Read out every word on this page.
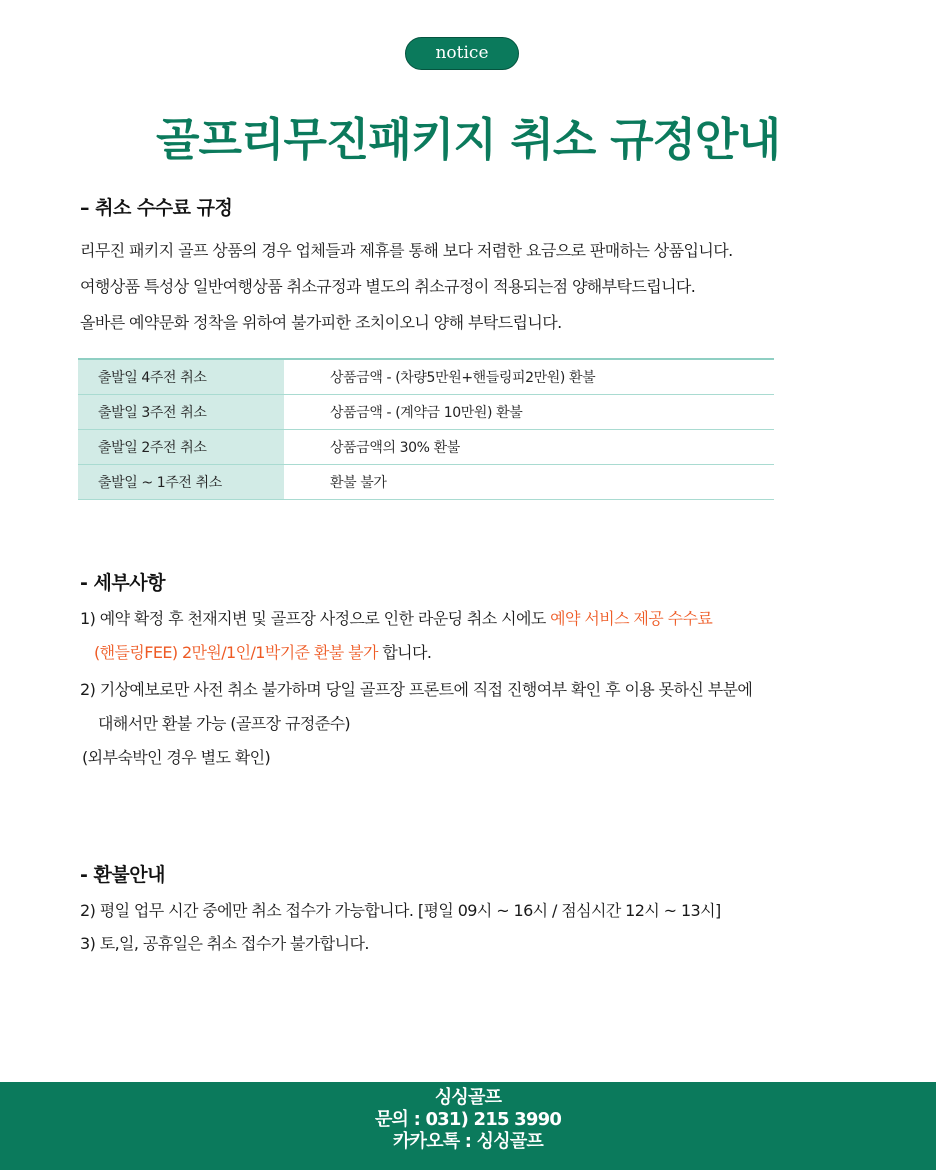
notice
골프리무진패키지 취소 규정안내
– 취소 수수료 규정
리무진 패키지 골프 상품의 경우 업체들과 제휴를 통해 보다 저렴한 요금으로 판매하는 상품입니다.
여행상품 특성상 일반여행상품 취소규정과 별도의 취소규정이 적용되는점 양해부탁드립니다.
올바른 예약문화 정착을 위하여 불가피한 조치이오니 양해 부탁드립니다.
출발일 4주전 취소	상품금액 - (차량5만원+핸들링피2만원) 환불
출발일 3주전 취소	상품금액 - (계약금 10만원) 환불
출발일 2주전 취소	상품금액의 30% 환불
출발일 ~ 1주전 취소	환불 불가
- 세부사항
1) 예약 확정 후 천재지변 및 골프장 사정으로 인한 라운딩 취소 시에도 예약 서비스 제공 수수료
(핸들링FEE) 2만원/1인/1박기준 환불 불가 합니다.
2) 기상예보로만 사전 취소 불가하며 당일 골프장 프론트에 직접 진행여부 확인 후 이용 못하신 부분에
대해서만 환불 가능 (골프장 규정준수)
(외부숙박인 경우 별도 확인)
- 환불안내
2) 평일 업무 시간 중에만 취소 접수가 가능합니다. [평일 09시 ~ 16시 / 점심시간 12시 ~ 13시]
3) 토,일, 공휴일은 취소 접수가 불가합니다.
싱싱골프
문의 : 031) 215 3990
카카오톡 : 싱싱골프
